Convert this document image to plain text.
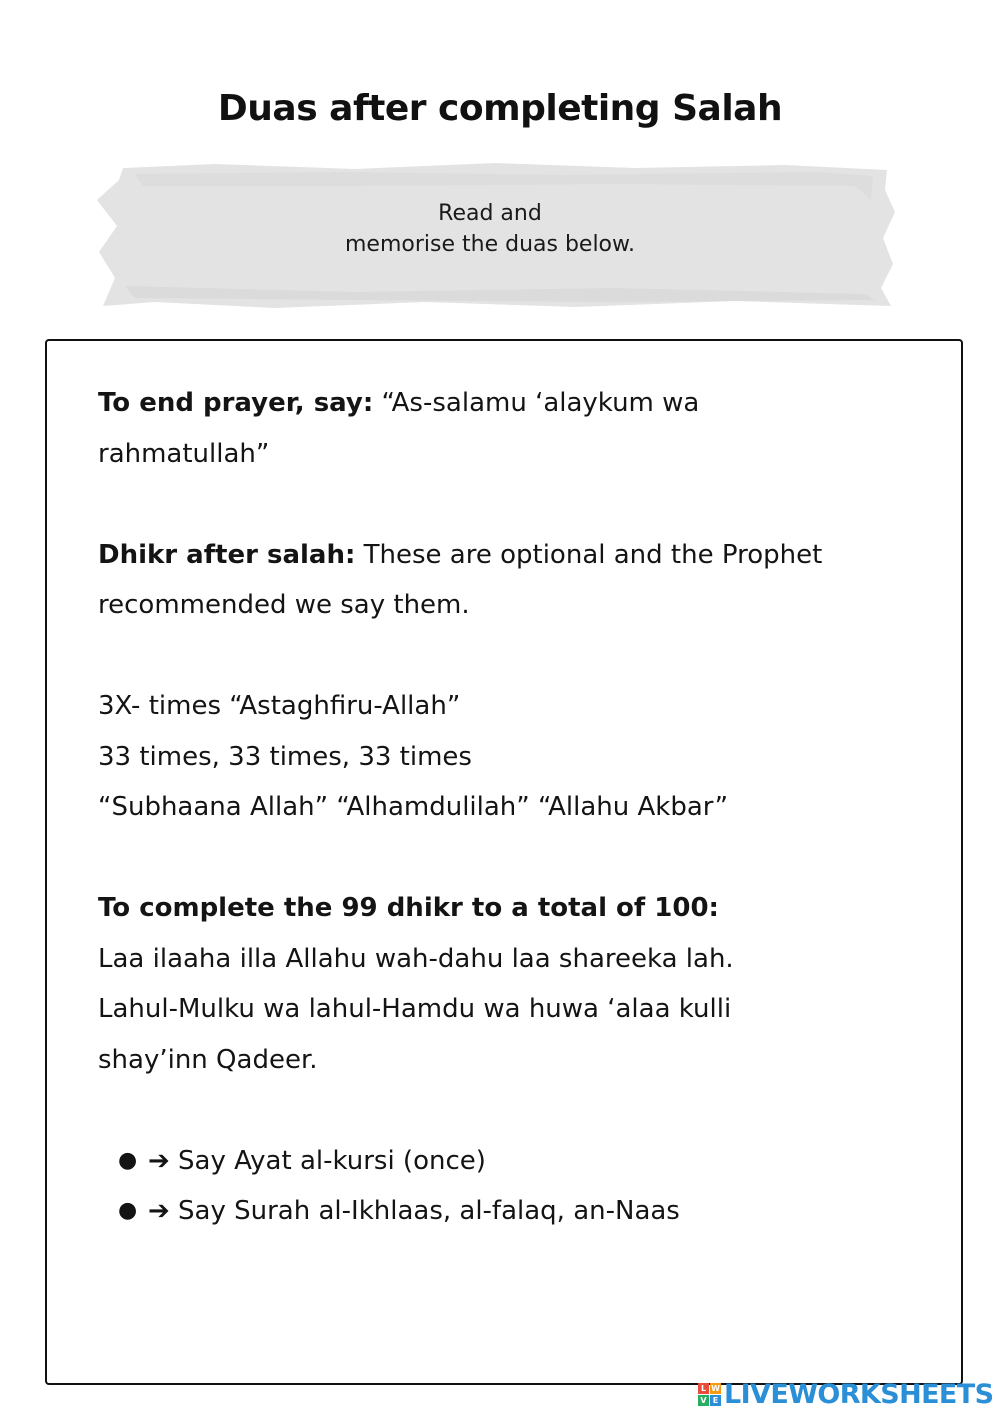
Duas after completing Salah
Read and
memorise the duas below.

To end prayer, say: “As-salamu ‘alaykum wa

rahmatullah”

Dhikr after salah: These are optional and the Prophet

recommended we say them.

3X- times “Astaghfiru-Allah”

33 times, 33 times, 33 times

“Subhaana Allah” “Alhamdulilah” “Allahu Akbar”

To complete the 99 dhikr to a total of 100:

Laa ilaaha illa Allahu wah-dahu laa shareeka lah.

Lahul-Mulku wa lahul-Hamdu wa huwa ‘alaa kulli

shay’inn Qadeer.

● ➔ Say Ayat al-kursi (once)
● ➔ Say Surah al-Ikhlaas, al-falaq, an-Naas
L W
V E LIVEWORKSHEETS
